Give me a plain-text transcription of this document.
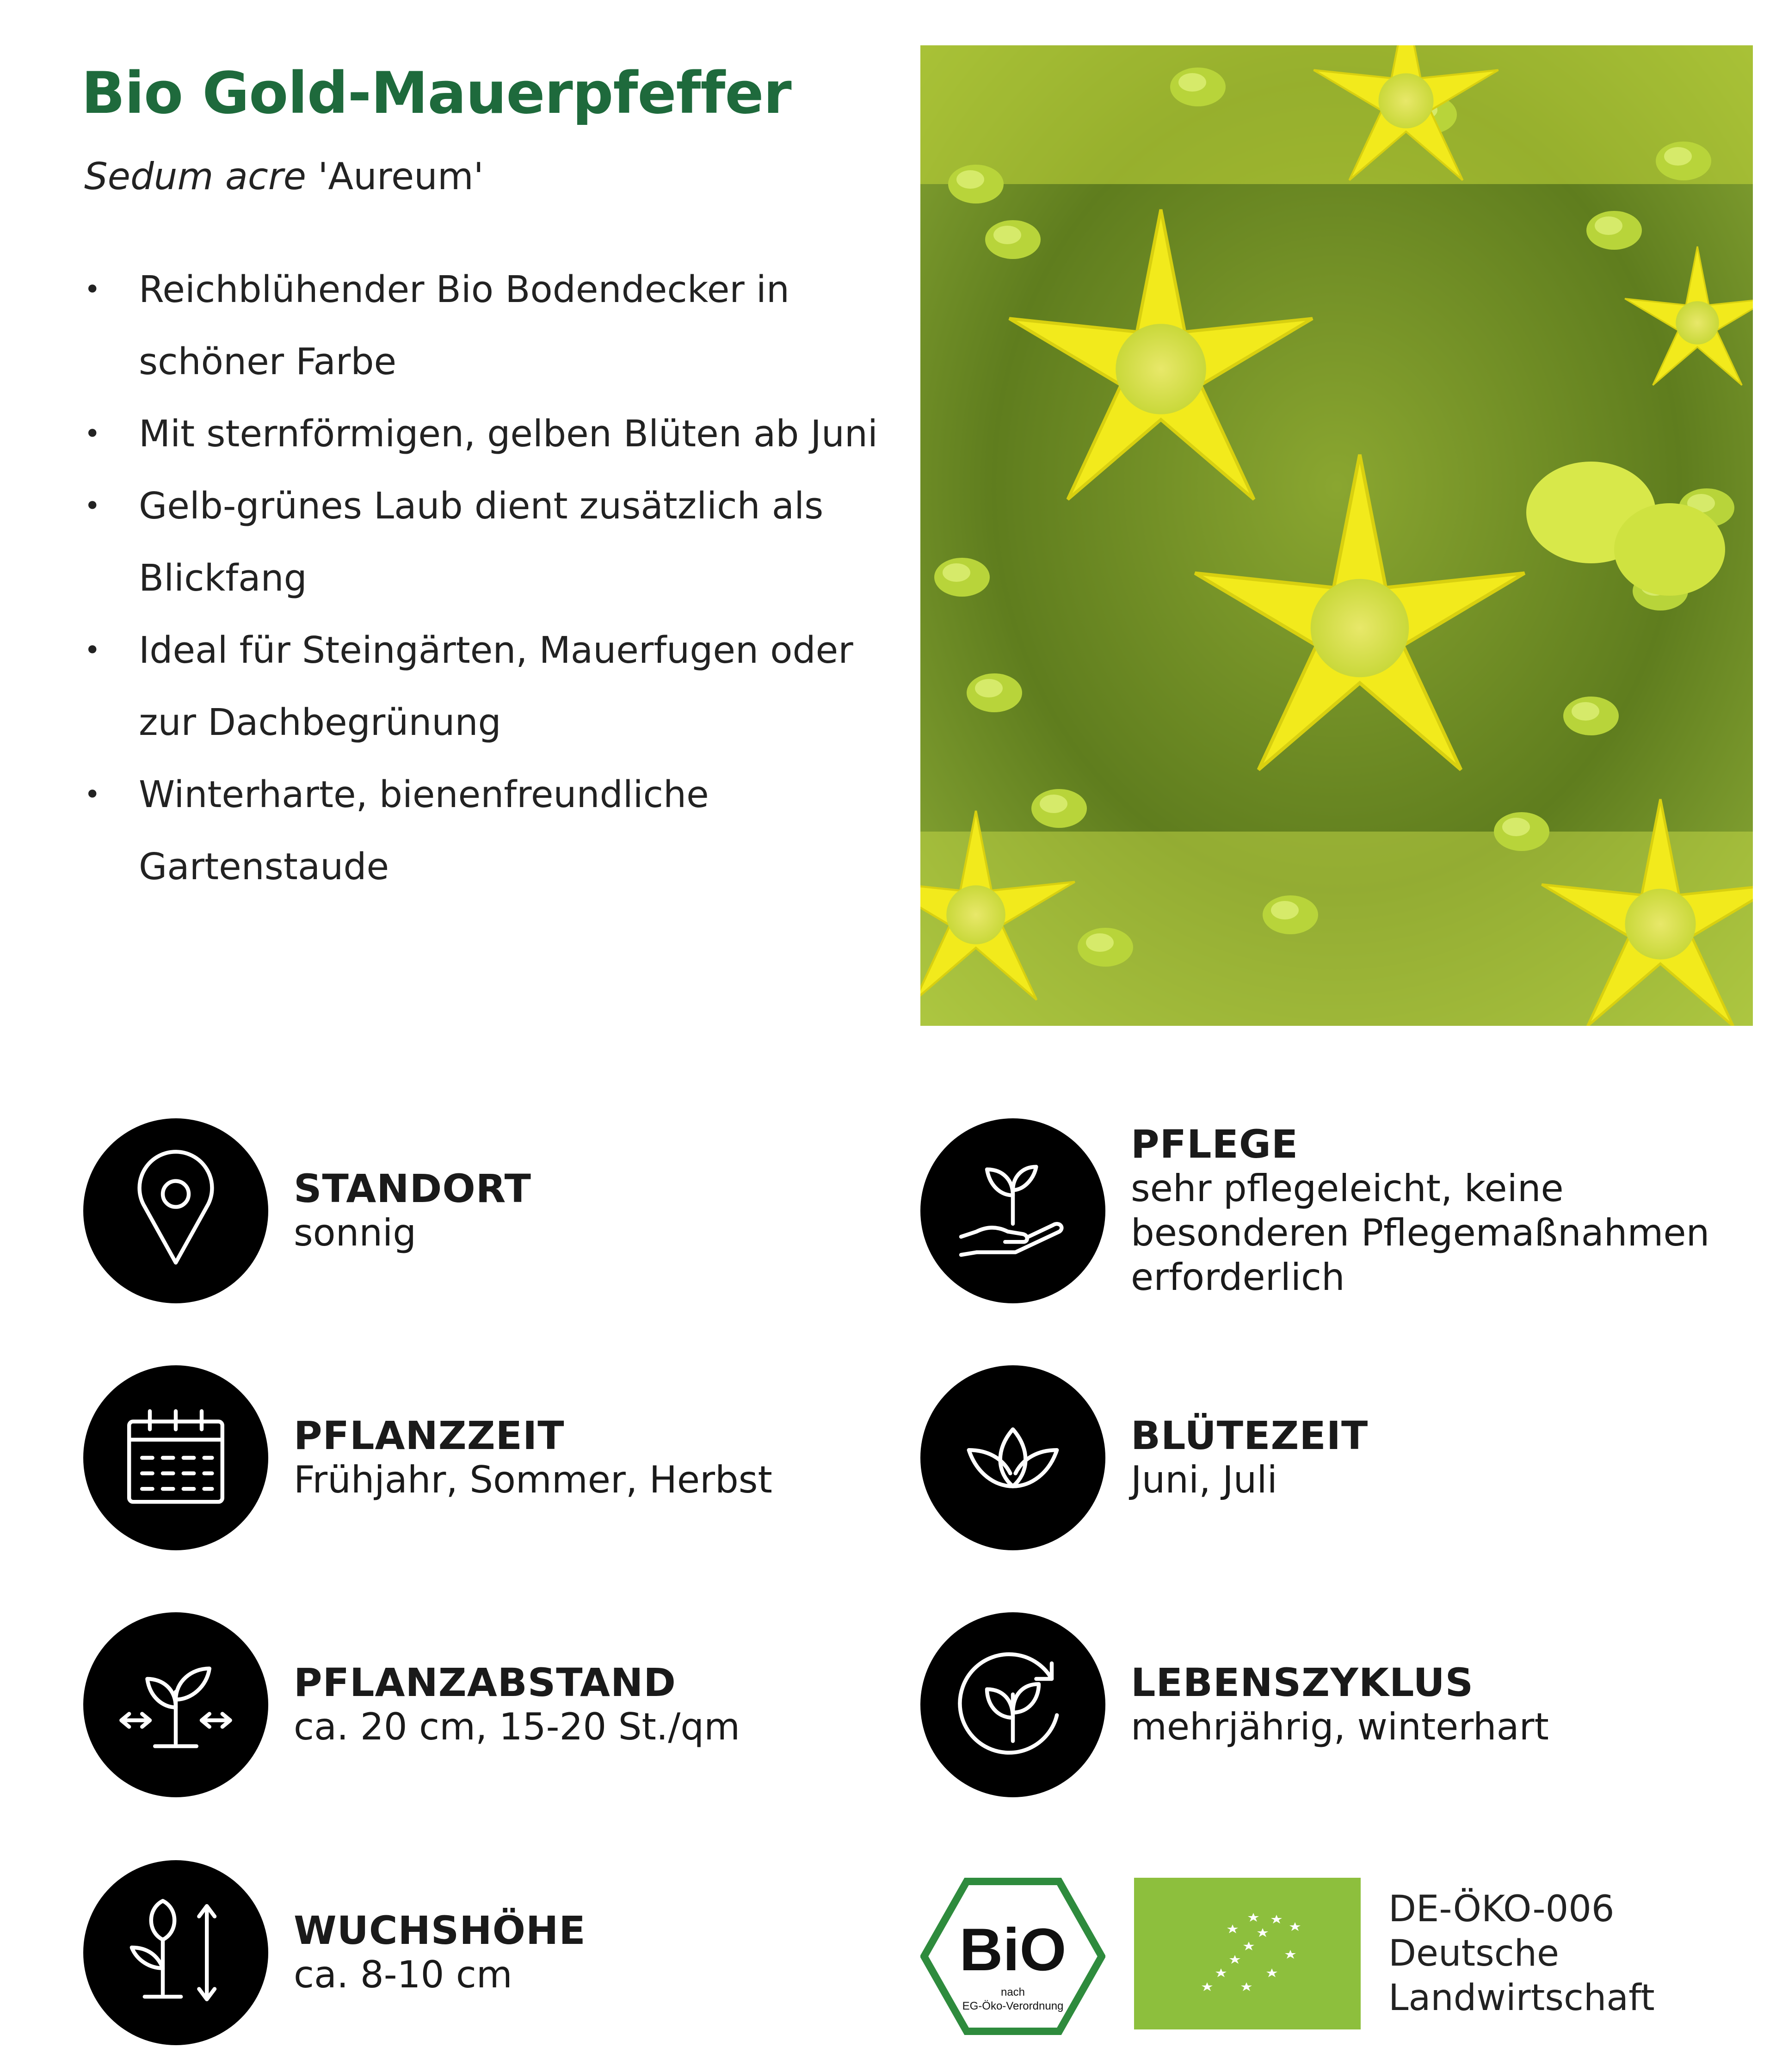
Bio Gold-Mauerpfeffer
Sedum acre 'Aureum'
• Reichblühender Bio Bodendecker in schöner Farbe
• Mit sternförmigen, gelben Blüten ab Juni
• Gelb-grünes Laub dient zusätzlich als Blickfang
• Ideal für Steingärten, Mauerfugen oder zur Dachbegrünung
• Winterharte, bienenfreundliche Gartenstaude
STANDORT
sonnig
PFLEGE
sehr pflegeleicht, keine besonderen Pflegemaßnahmen erforderlich
PFLANZZEIT
Frühjahr, Sommer, Herbst
BLÜTEZEIT
Juni, Juli
PFLANZABSTAND
ca. 20 cm, 15-20 St./qm
LEBENSZYKLUS
mehrjährig, winterhart
WUCHSHÖHE
ca. 8-10 cm	BiO
nach
EG-Öko-Verordnung
DE-ÖKO-006
Deutsche
Landwirtschaft
